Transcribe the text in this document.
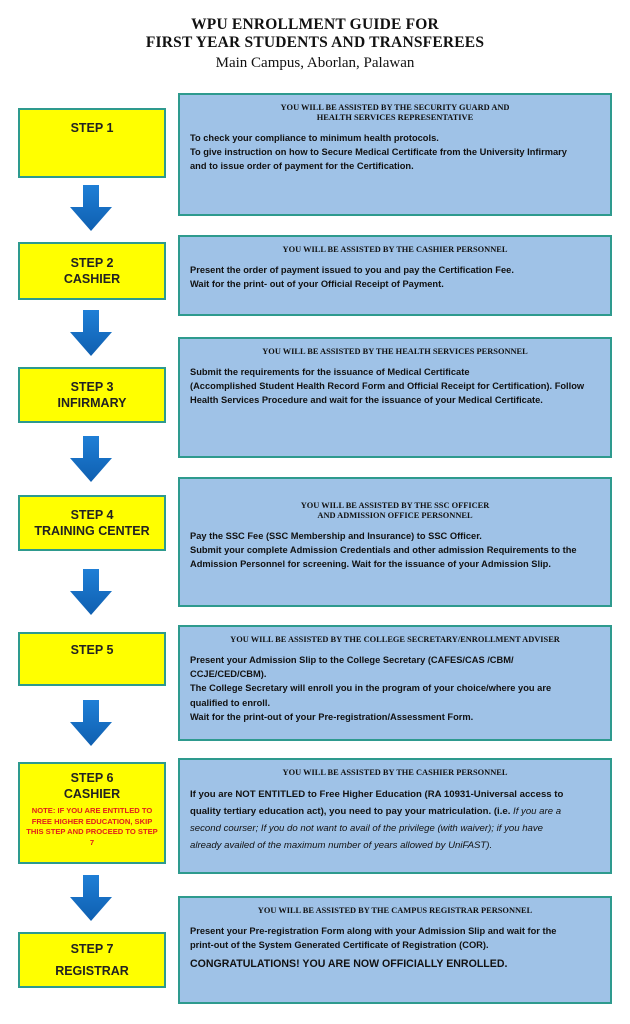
WPU ENROLLMENT GUIDE FOR
FIRST YEAR STUDENTS AND TRANSFEREES
Main Campus, Aborlan, Palawan
STEP 1
YOU WILL BE ASSISTED BY THE SECURITY GUARD AND
HEALTH SERVICES REPRESENTATIVE
To check your compliance to minimum health protocols.
To give instruction on how to Secure Medical Certificate from the University Infirmary
and to issue order of payment for the Certification.
STEP 2
CASHIER
YOU WILL BE ASSISTED BY THE CASHIER PERSONNEL
Present the order of payment issued to you and pay the Certification Fee.
Wait for the print- out of your Official Receipt of Payment.
STEP 3
INFIRMARY
YOU WILL BE ASSISTED BY THE HEALTH SERVICES PERSONNEL
Submit the requirements for the issuance of Medical Certificate
(Accomplished Student Health Record Form and Official Receipt for Certification). Follow
Health Services Procedure and wait for the issuance of your Medical Certificate.
STEP 4
TRAINING CENTER
YOU WILL BE ASSISTED BY THE SSC OFFICER
AND ADMISSION OFFICE PERSONNEL
Pay the SSC Fee (SSC Membership and Insurance) to SSC Officer.
Submit your complete Admission Credentials and other admission Requirements to the
Admission Personnel for screening. Wait for the issuance of your Admission Slip.
STEP 5
YOU WILL BE ASSISTED BY THE COLLEGE SECRETARY/ENROLLMENT ADVISER
Present your Admission Slip to the College Secretary (CAFES/CAS /CBM/
CCJE/CED/CBM).
The College Secretary will enroll you in the program of your choice/where you are
qualified to enroll.
Wait for the print-out of your Pre-registration/Assessment Form.
STEP 6
CASHIER
NOTE: IF YOU ARE ENTITLED TO FREE HIGHER EDUCATION, SKIP THIS STEP AND PROCEED TO STEP 7
YOU WILL BE ASSISTED BY THE CASHIER PERSONNEL
If you are NOT ENTITLED to Free Higher Education (RA 10931-Universal access to
quality tertiary education act), you need to pay your matriculation. (i.e. If you are a
second courser; If you do not want to avail of the privilege (with waiver); if you have
already availed of the maximum number of years allowed by UniFAST).
STEP 7
REGISTRAR
YOU WILL BE ASSISTED BY THE CAMPUS REGISTRAR PERSONNEL
Present your Pre-registration Form along with your Admission Slip and wait for the
print-out of the System Generated Certificate of Registration (COR).
CONGRATULATIONS! YOU ARE NOW OFFICIALLY ENROLLED.
